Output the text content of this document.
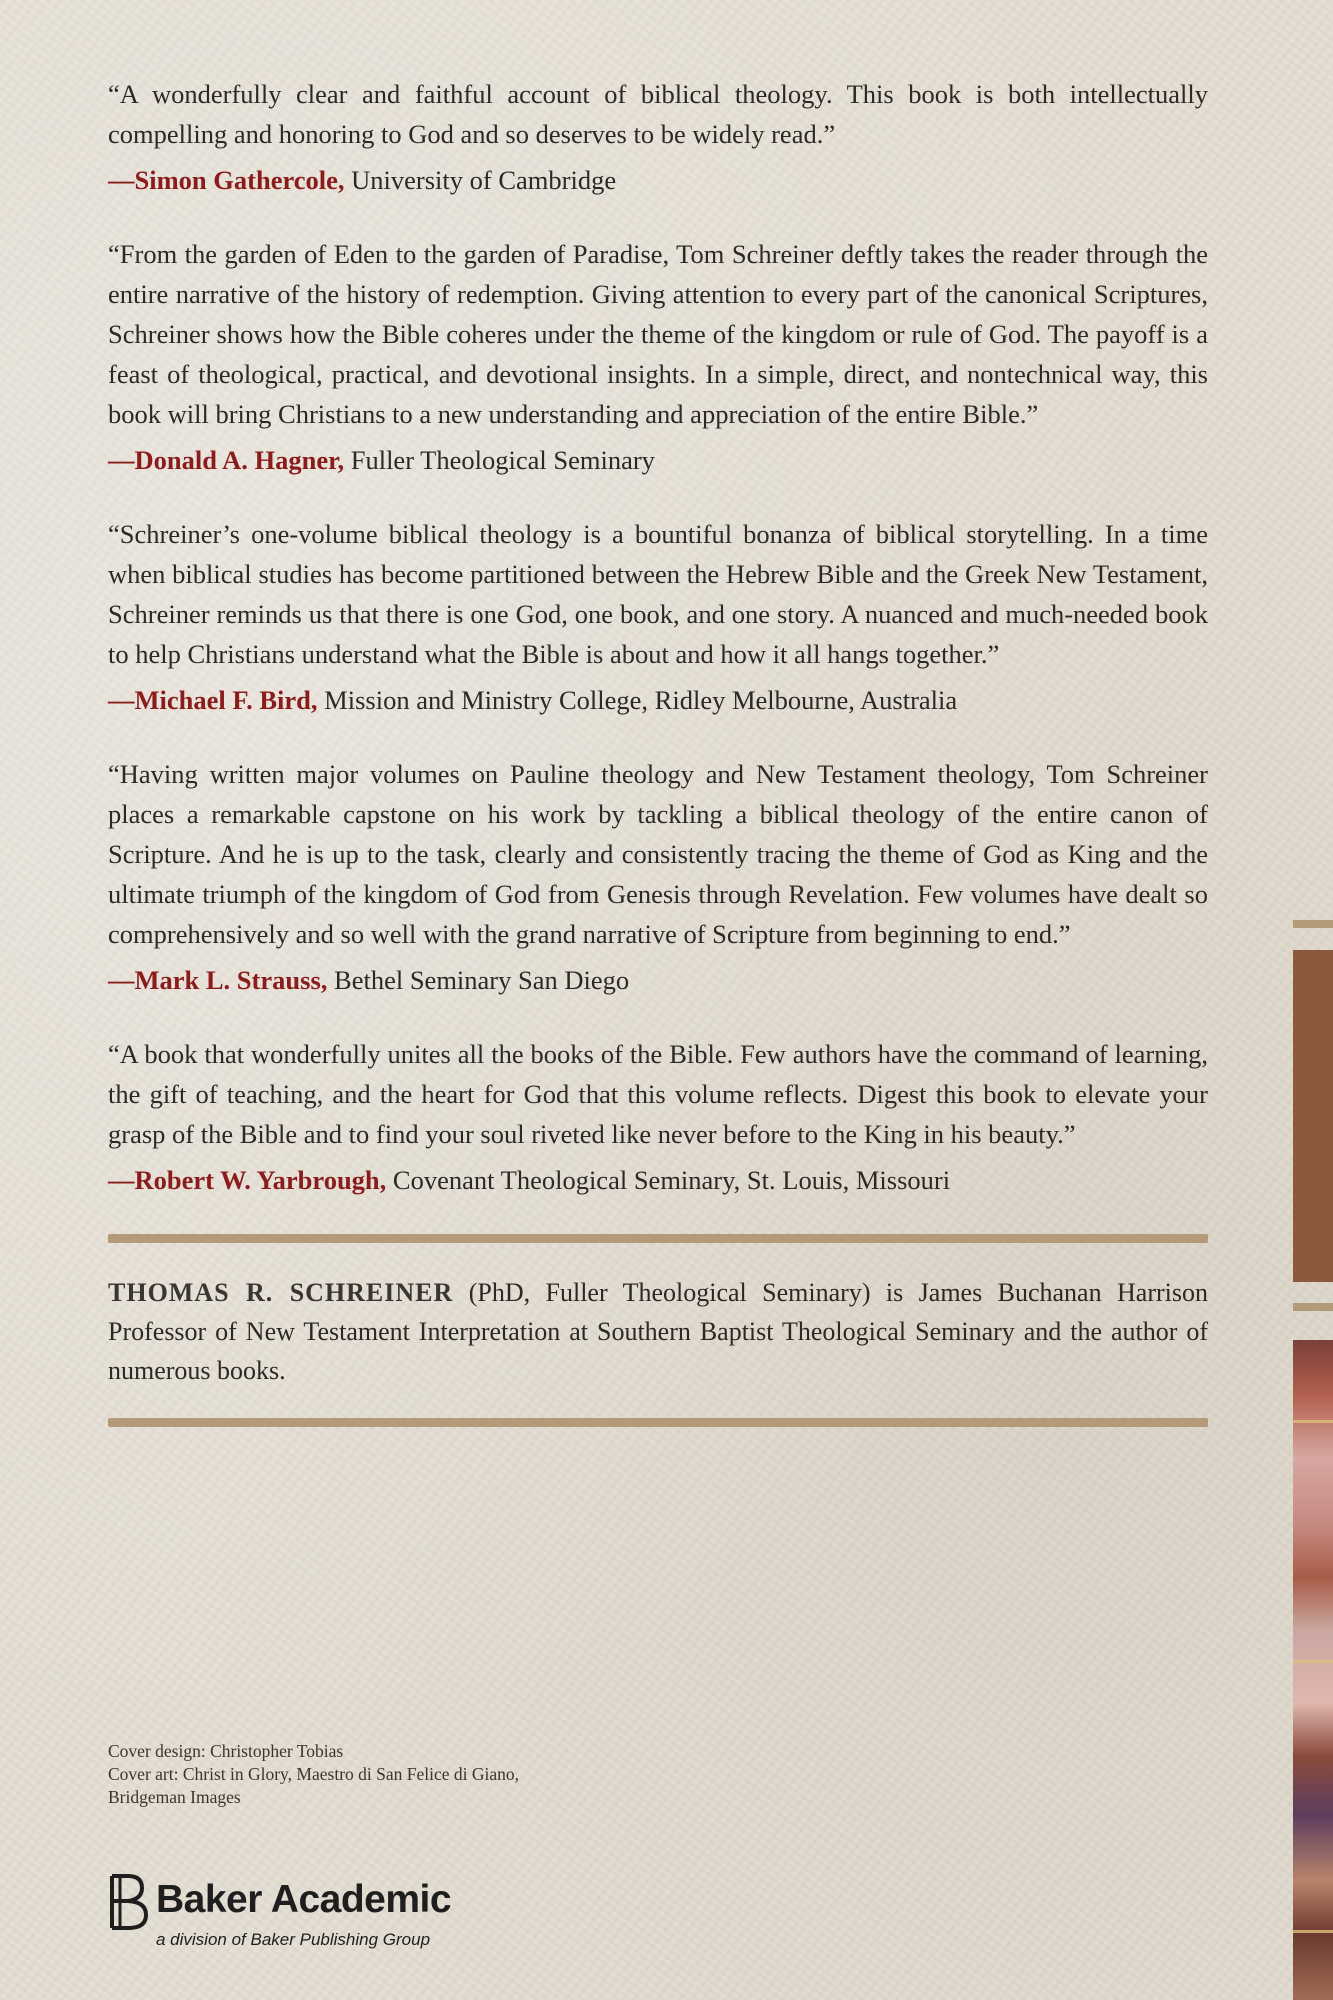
“A wonderfully clear and faithful account of biblical theology. This book is both intellectually compelling and honoring to God and so deserves to be widely read.”

—Simon Gathercole, University of Cambridge

“From the garden of Eden to the garden of Paradise, Tom Schreiner deftly takes the reader through the entire narrative of the history of redemption. Giving attention to every part of the canonical Scriptures, Schreiner shows how the Bible coheres under the theme of the kingdom or rule of God. The payoff is a feast of theological, practical, and devotional insights. In a simple, direct, and nontechnical way, this book will bring Christians to a new understanding and appreciation of the entire Bible.”

—Donald A. Hagner, Fuller Theological Seminary

“Schreiner’s one-volume biblical theology is a bountiful bonanza of biblical storytelling. In a time when biblical studies has become partitioned between the Hebrew Bible and the Greek New Testament, Schreiner reminds us that there is one God, one book, and one story. A nuanced and much-needed book to help Christians understand what the Bible is about and how it all hangs together.”

—Michael F. Bird, Mission and Ministry College, Ridley Melbourne, Australia

“Having written major volumes on Pauline theology and New Testament theology, Tom Schreiner places a remarkable capstone on his work by tackling a biblical theology of the entire canon of Scripture. And he is up to the task, clearly and consistently tracing the theme of God as King and the ultimate triumph of the kingdom of God from Genesis through Revelation. Few volumes have dealt so comprehensively and so well with the grand narrative of Scripture from beginning to end.”

—Mark L. Strauss, Bethel Seminary San Diego

“A book that wonderfully unites all the books of the Bible. Few authors have the command of learning, the gift of teaching, and the heart for God that this volume reflects. Digest this book to elevate your grasp of the Bible and to find your soul riveted like never before to the King in his beauty.”

—Robert W. Yarbrough, Covenant Theological Seminary, St. Louis, Missouri

THOMAS R. SCHREINER (PhD, Fuller Theological Seminary) is James Buchanan Harrison Professor of New Testament Interpretation at Southern Baptist Theological Seminary and the author of numerous books.

Cover design: Christopher Tobias
Cover art: Christ in Glory, Maestro di San Felice di Giano,
Bridgeman Images
Baker Academic
a division of Baker Publishing Group
